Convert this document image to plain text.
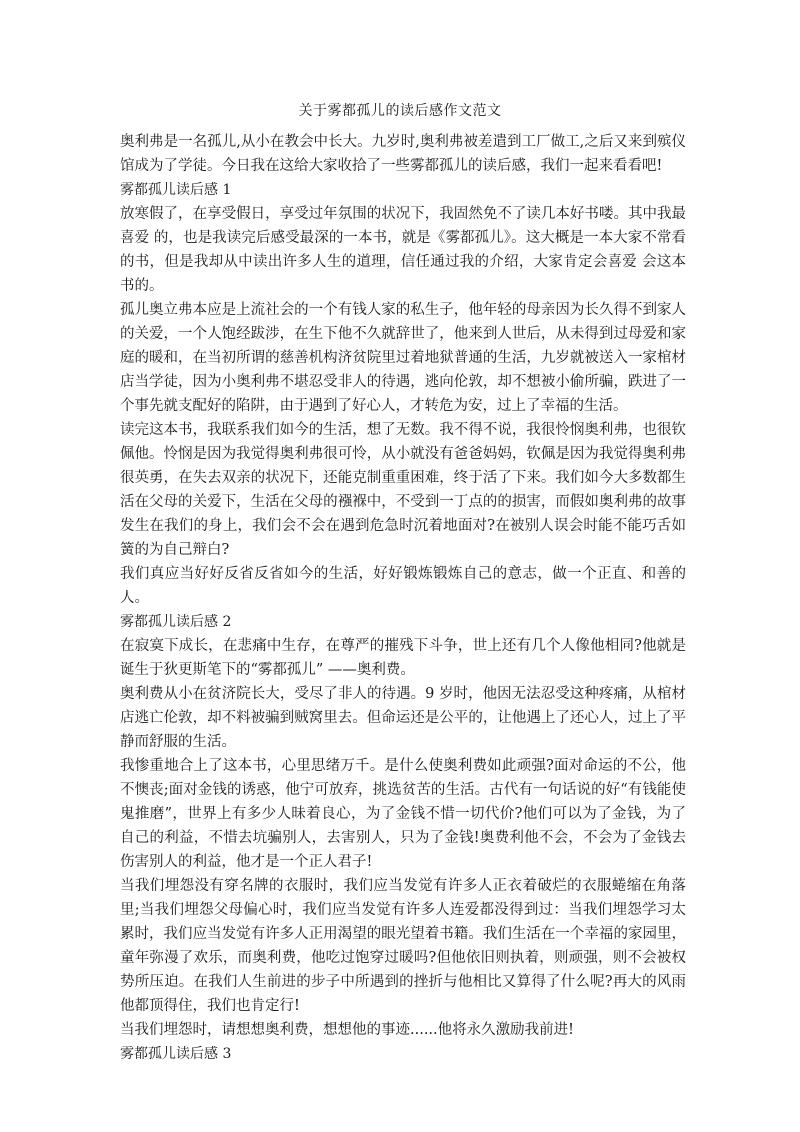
关于雾都孤儿的读后感作文范文

奥利弗是一名孤儿,从小在教会中长大。九岁时,奥利弗被差遣到工厂做工,之后又来到殡仪馆成为了学徒。今日我在这给大家收拾了一些雾都孤儿的读后感，我们一起来看看吧!

雾都孤儿读后感 1

放寒假了，在享受假日，享受过年氛围的状况下，我固然免不了读几本好书喽。其中我最喜爱 的，也是我读完后感受最深的一本书，就是《雾都孤儿》。这大概是一本大家不常看的书，但是我却从中读出许多人生的道理，信任通过我的介绍，大家肯定会喜爱 会这本书的。

孤儿奥立弗本应是上流社会的一个有钱人家的私生子，他年轻的母亲因为长久得不到家人的关爱，一个人饱经跋涉，在生下他不久就辞世了，他来到人世后，从未得到过母爱和家庭的暖和，在当初所谓的慈善机构济贫院里过着地狱普通的生活，九岁就被送入一家棺材店当学徒，因为小奥利弗不堪忍受非人的待遇，逃向伦敦，却不想被小偷所骗，跌进了一个事先就支配好的陷阱，由于遇到了好心人，才转危为安，过上了幸福的生活。

读完这本书，我联系我们如今的生活，想了无数。我不得不说，我很怜悯奥利弗，也很钦佩他。怜悯是因为我觉得奥利弗很可怜，从小就没有爸爸妈妈，钦佩是因为我觉得奥利弗很英勇，在失去双亲的状况下，还能克制重重困难，终于活了下来。我们如今大多数都生活在父母的关爱下，生活在父母的襁褓中，不受到一丁点的的损害，而假如奥利弗的故事发生在我们的身上，我们会不会在遇到危急时沉着地面对?在被别人误会时能不能巧舌如簧的为自己辩白?

我们真应当好好反省反省如今的生活，好好锻炼锻炼自己的意志，做一个正直、和善的人。

雾都孤儿读后感 2

在寂寞下成长，在悲痛中生存，在尊严的摧残下斗争，世上还有几个人像他相同?他就是诞生于狄更斯笔下的“雾都孤儿” ——奥利费。

奥利费从小在贫济院长大，受尽了非人的待遇。9 岁时，他因无法忍受这种疼痛，从棺材店逃亡伦敦，却不料被骗到贼窝里去。但命运还是公平的，让他遇上了还心人，过上了平静而舒服的生活。

我惨重地合上了这本书，心里思绪万千。是什么使奥利费如此顽强?面对命运的不公，他不懊丧;面对金钱的诱惑，他宁可放弃，挑选贫苦的生活。古代有一句话说的好“有钱能使鬼推磨”，世界上有多少人昧着良心，为了金钱不惜一切代价?他们可以为了金钱，为了自己的利益，不惜去坑骗别人，去害别人，只为了金钱!奥费利他不会，不会为了金钱去伤害别人的利益，他才是一个正人君子!

当我们埋怨没有穿名牌的衣服时，我们应当发觉有许多人正衣着破烂的衣服蜷缩在角落里;当我们埋怨父母偏心时，我们应当发觉有许多人连爱都没得到过：当我们埋怨学习太累时，我们应当发觉有许多人正用渴望的眼光望着书籍。我们生活在一个幸福的家园里，童年弥漫了欢乐，而奥利费，他吃过饱穿过暖吗?但他依旧则执着，则顽强，则不会被权势所压迫。在我们人生前进的步子中所遇到的挫折与他相比又算得了什么呢?再大的风雨他都顶得住，我们也肯定行!

当我们埋怨时，请想想奥利费，想想他的事迹......他将永久激励我前进!

雾都孤儿读后感 3
